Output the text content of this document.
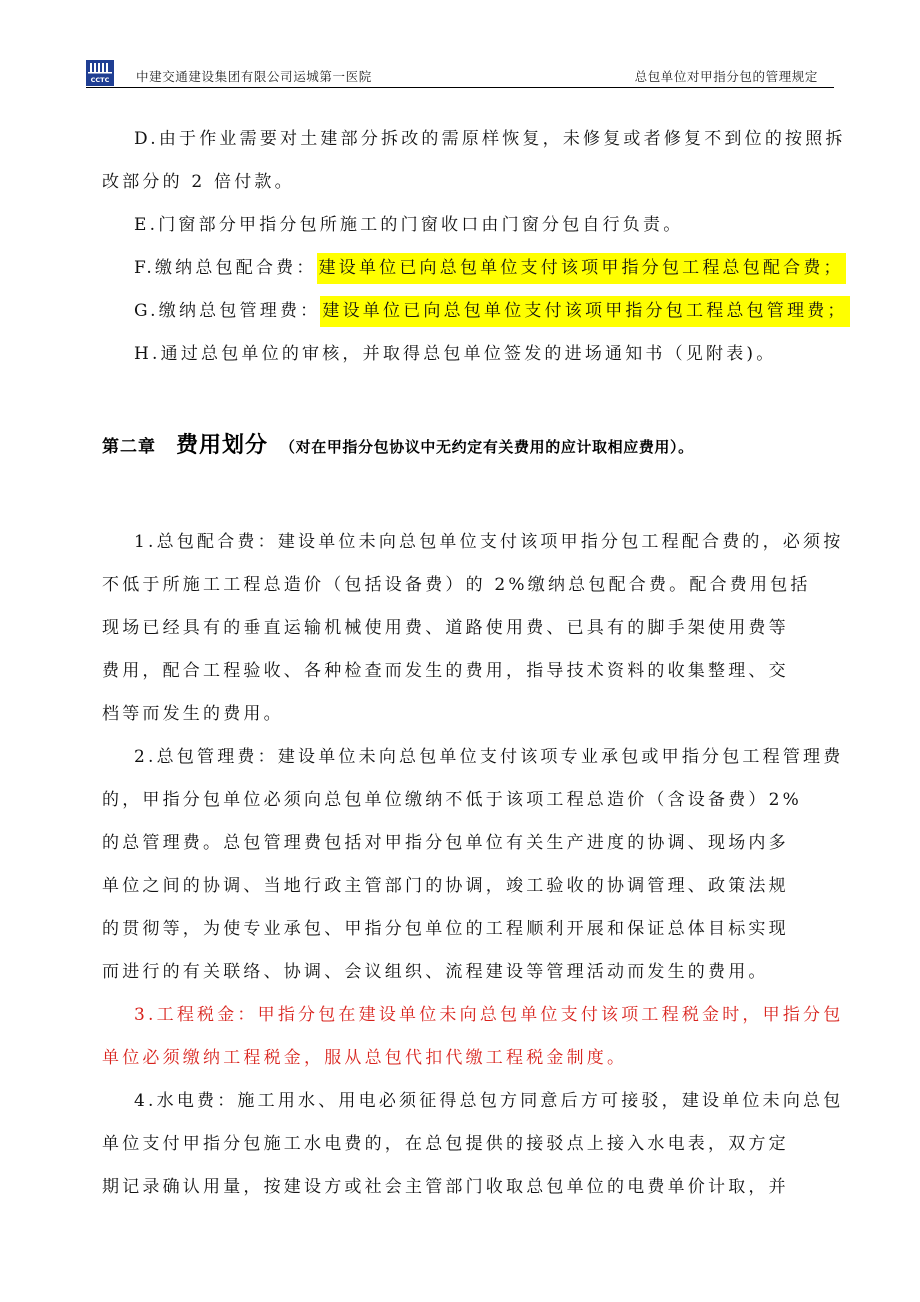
CCTC 中建交通建设集团有限公司运城第一医院	总包单位对甲指分包的管理规定
D.由于作业需要对土建部分拆改的需原样恢复，未修复或者修复不到位的按照拆
改部分的 2 倍付款。
E.门窗部分甲指分包所施工的门窗收口由门窗分包自行负责。
F.缴纳总包配合费： 建设单位已向总包单位支付该项甲指分包工程总包配合费；
G.缴纳总包管理费： 建设单位已向总包单位支付该项甲指分包工程总包管理费；
H.通过总包单位的审核，并取得总包单位签发的进场通知书（见附表)。
第二章 费用划分 （对在甲指分包协议中无约定有关费用的应计取相应费用）。
1.总包配合费：建设单位未向总包单位支付该项甲指分包工程配合费的，必须按
不低于所施工工程总造价（包括设备费）的 2%缴纳总包配合费。配合费用包括
现场已经具有的垂直运输机械使用费、道路使用费、已具有的脚手架使用费等
费用，配合工程验收、各种检查而发生的费用，指导技术资料的收集整理、交
档等而发生的费用。
2.总包管理费：建设单位未向总包单位支付该项专业承包或甲指分包工程管理费
的，甲指分包单位必须向总包单位缴纳不低于该项工程总造价（含设备费）2%
的总管理费。总包管理费包括对甲指分包单位有关生产进度的协调、现场内多
单位之间的协调、当地行政主管部门的协调，竣工验收的协调管理、政策法规
的贯彻等，为使专业承包、甲指分包单位的工程顺利开展和保证总体目标实现
而进行的有关联络、协调、会议组织、流程建设等管理活动而发生的费用。
3.工程税金：甲指分包在建设单位未向总包单位支付该项工程税金时，甲指分包
单位必须缴纳工程税金，服从总包代扣代缴工程税金制度。
4.水电费：施工用水、用电必须征得总包方同意后方可接驳，建设单位未向总包
单位支付甲指分包施工水电费的，在总包提供的接驳点上接入水电表，双方定
期记录确认用量，按建设方或社会主管部门收取总包单位的电费单价计取，并
